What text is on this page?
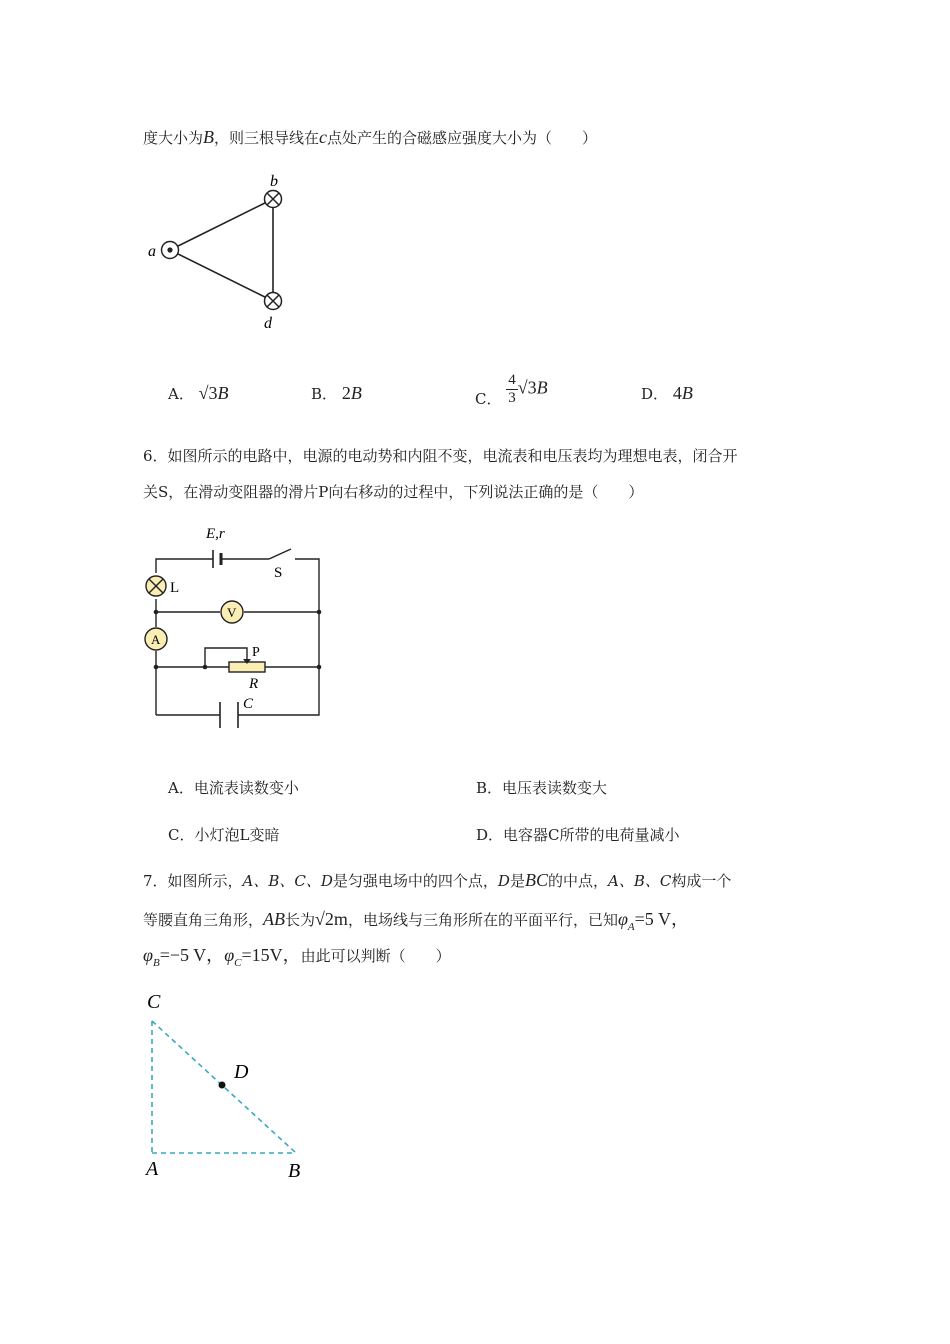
度大小为B，则三根导线在c点处产生的合磁感应强度大小为（　　）
a
b
d
A． √3B	B． 2B	C． $\frac{4}{3} √3B$	D． 4B
6．如图所示的电路中，电源的电动势和内阻不变，电流表和电压表均为理想电表，闭合开
关S，在滑动变阻器的滑片P向右移动的过程中，下列说法正确的是（　　）
E,r
S
L
V
A
P
R
C
A．电流表读数变小	B．电压表读数变大
C．小灯泡L变暗	D．电容器C所带的电荷量减小
7．如图所示，A、B、C、D是匀强电场中的四个点，D是BC的中点，A、B、C构成一个
等腰直角三角形，AB长为√2m，电场线与三角形所在的平面平行，已知$\varphi_A=5$ V，
$\varphi_B=-5$ V，$\varphi_C=15V$，由此可以判断（　　）
C
D
A	B
